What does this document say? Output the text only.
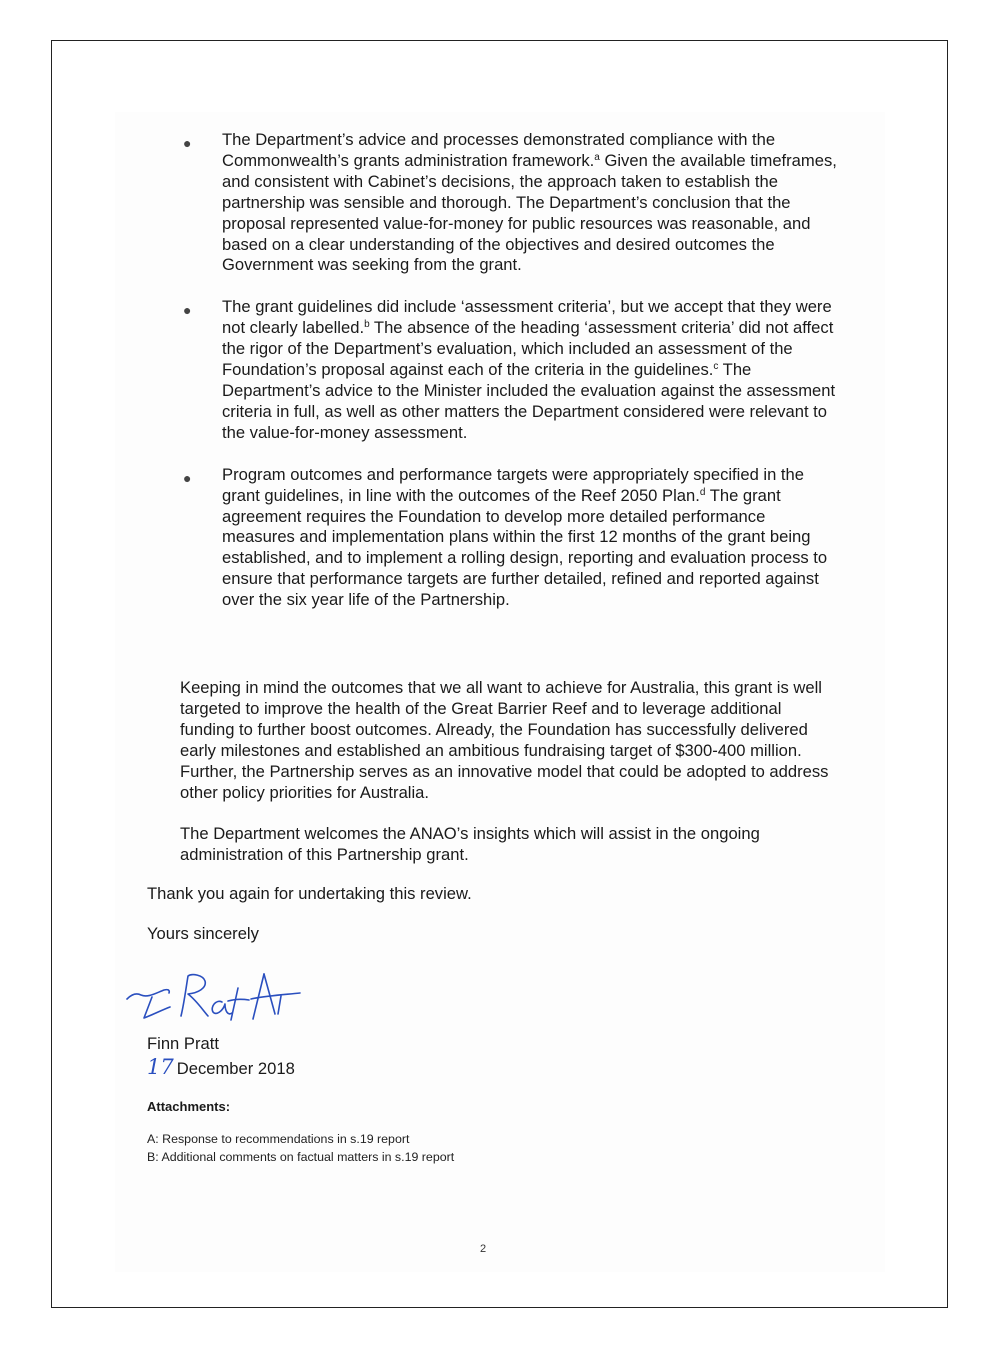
● The Department’s advice and processes demonstrated compliance with the Commonwealth’s grants administration framework.$^a$ Given the available timeframes, and consistent with Cabinet’s decisions, the approach taken to establish the partnership was sensible and thorough. The Department’s conclusion that the proposal represented value-for-money for public resources was reasonable, and based on a clear understanding of the objectives and desired outcomes the Government was seeking from the grant.
● The grant guidelines did include ‘assessment criteria’, but we accept that they were not clearly labelled.$^b$ The absence of the heading ‘assessment criteria’ did not affect the rigor of the Department’s evaluation, which included an assessment of the Foundation’s proposal against each of the criteria in the guidelines.$^c$ The Department’s advice to the Minister included the evaluation against the assessment criteria in full, as well as other matters the Department considered were relevant to the value-for-money assessment.
● Program outcomes and performance targets were appropriately specified in the grant guidelines, in line with the outcomes of the Reef 2050 Plan.$^d$ The grant agreement requires the Foundation to develop more detailed performance measures and implementation plans within the first 12 months of the grant being established, and to implement a rolling design, reporting and evaluation process to ensure that performance targets are further detailed, refined and reported against over the six year life of the Partnership.
Keeping in mind the outcomes that we all want to achieve for Australia, this grant is well targeted to improve the health of the Great Barrier Reef and to leverage additional funding to further boost outcomes. Already, the Foundation has successfully delivered early milestones and established an ambitious fundraising target of $300-400 million. Further, the Partnership serves as an innovative model that could be adopted to address other policy priorities for Australia.
The Department welcomes the ANAO’s insights which will assist in the ongoing administration of this Partnership grant.
Thank you again for undertaking this review.
Yours sincerely
Finn Pratt
17 December 2018
Attachments:
A: Response to recommendations in s.19 report
B: Additional comments on factual matters in s.19 report
2
